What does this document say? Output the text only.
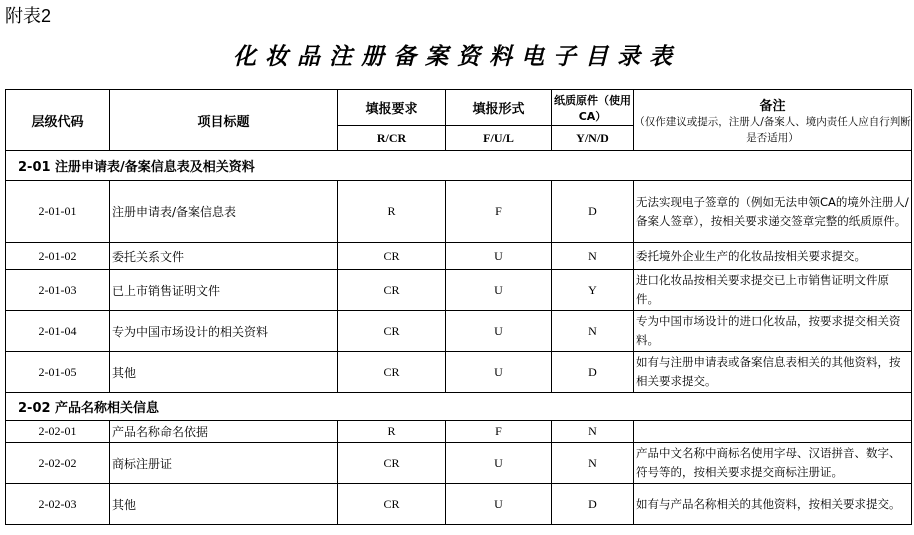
附表2
化妆品注册备案资料电子目录表
层级代码	项目标题	填报要求	填报形式	纸质原件（使用CA）	备注
（仅作建议或提示，注册人/备案人、境内责任人应自行判断是否适用）

		R/CR	F/U/L	Y/N/D	
2-01 注册申请表/备案信息表及相关资料					
2-01-01	注册申请表/备案信息表	R	F	D	无法实现电子签章的（例如无法申领CA的境外注册人/备案人签章），按相关要求递交签章完整的纸质原件。
2-01-02	委托关系文件	CR	U	N	委托境外企业生产的化妆品按相关要求提交。
2-01-03	已上市销售证明文件	CR	U	Y	进口化妆品按相关要求提交已上市销售证明文件原件。
2-01-04	专为中国市场设计的相关资料	CR	U	N	专为中国市场设计的进口化妆品，按要求提交相关资料。
2-01-05	其他	CR	U	D	如有与注册申请表或备案信息表相关的其他资料，按相关要求提交。
2-02 产品名称相关信息					
2-02-01	产品名称命名依据	R	F	N	
2-02-02	商标注册证	CR	U	N	产品中文名称中商标名使用字母、汉语拼音、数字、符号等的，按相关要求提交商标注册证。
2-02-03	其他	CR	U	D	如有与产品名称相关的其他资料，按相关要求提交。
